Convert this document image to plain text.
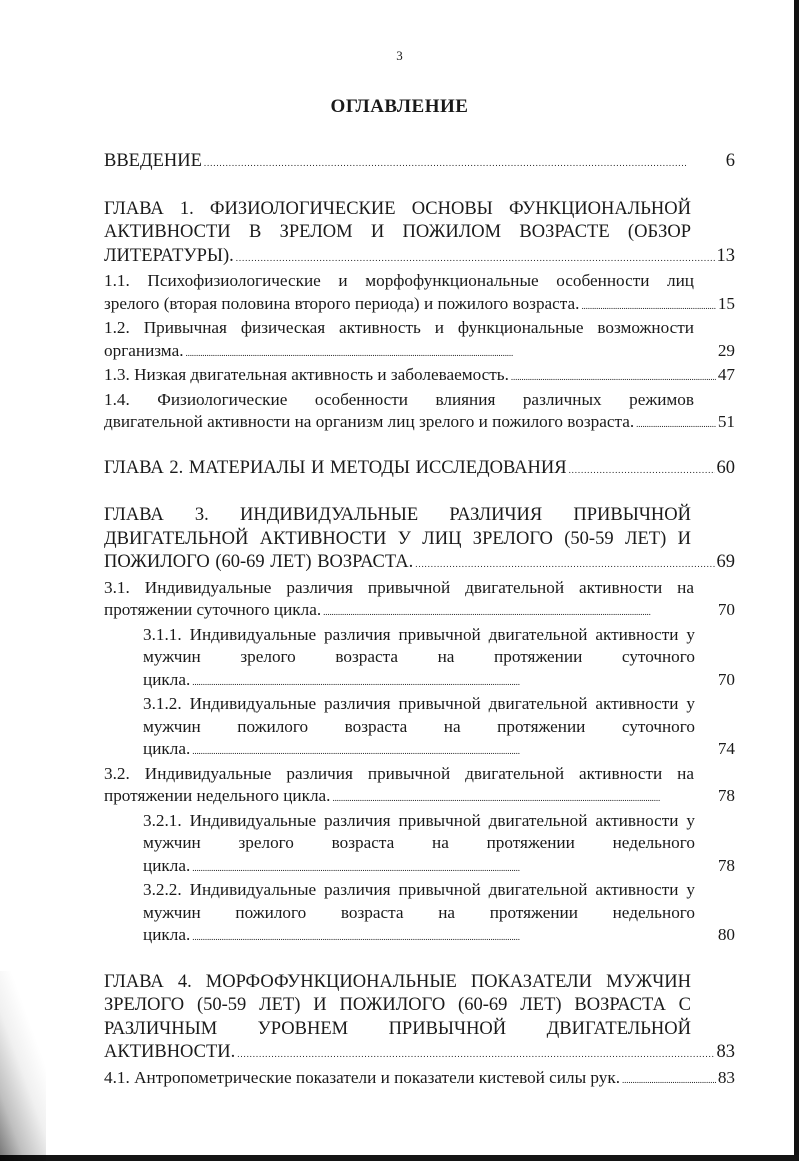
3
ОГЛАВЛЕНИЕ
ВВЕДЕНИЕ . . .	6
ГЛАВА 1. ФИЗИОЛОГИЧЕСКИЕ ОСНОВЫ ФУНКЦИОНАЛЬНОЙ АКТИВНОСТИ В ЗРЕЛОМ И ПОЖИЛОМ ВОЗРАСТЕ (ОБЗОР
ЛИТЕРАТУРЫ). . . .	13
1.1. Психофизиологические и морфофункциональные особенности лиц
зрелого (вторая половина второго периода) и пожилого возраста. . . .	15
1.2. Привычная физическая активность и функциональные возможности
организма. . . .	29
1.3. Низкая двигательная активность и заболеваемость. . . .	47
1.4. Физиологические особенности влияния различных режимов
двигательной активности на организм лиц зрелого и пожилого возраста. . . .	51
ГЛАВА 2. МАТЕРИАЛЫ И МЕТОДЫ ИССЛЕДОВАНИЯ . . .	60
ГЛАВА 3. ИНДИВИДУАЛЬНЫЕ РАЗЛИЧИЯ ПРИВЫЧНОЙ ДВИГАТЕЛЬНОЙ АКТИВНОСТИ У ЛИЦ ЗРЕЛОГО (50-59 ЛЕТ) И
ПОЖИЛОГО (60-69 ЛЕТ) ВОЗРАСТА. . . .	69
3.1. Индивидуальные различия привычной двигательной активности на
протяжении суточного цикла. . . .	70
3.1.1. Индивидуальные различия привычной двигательной активности у мужчин зрелого возраста на протяжении суточного
цикла. . . .	70
3.1.2. Индивидуальные различия привычной двигательной активности у мужчин пожилого возраста на протяжении суточного
цикла. . . .	74
3.2. Индивидуальные различия привычной двигательной активности на
протяжении недельного цикла. . . .	78
3.2.1. Индивидуальные различия привычной двигательной активности у мужчин зрелого возраста на протяжении недельного
цикла. . . .	78
3.2.2. Индивидуальные различия привычной двигательной активности у мужчин пожилого возраста на протяжении недельного
цикла. . . .	80
ГЛАВА 4. МОРФОФУНКЦИОНАЛЬНЫЕ ПОКАЗАТЕЛИ МУЖЧИН ЗРЕЛОГО (50-59 ЛЕТ) И ПОЖИЛОГО (60-69 ЛЕТ) ВОЗРАСТА С РАЗЛИЧНЫМ УРОВНЕМ ПРИВЫЧНОЙ ДВИГАТЕЛЬНОЙ
АКТИВНОСТИ. . . .	83
4.1. Антропометрические показатели и показатели кистевой силы рук. . . .	83
